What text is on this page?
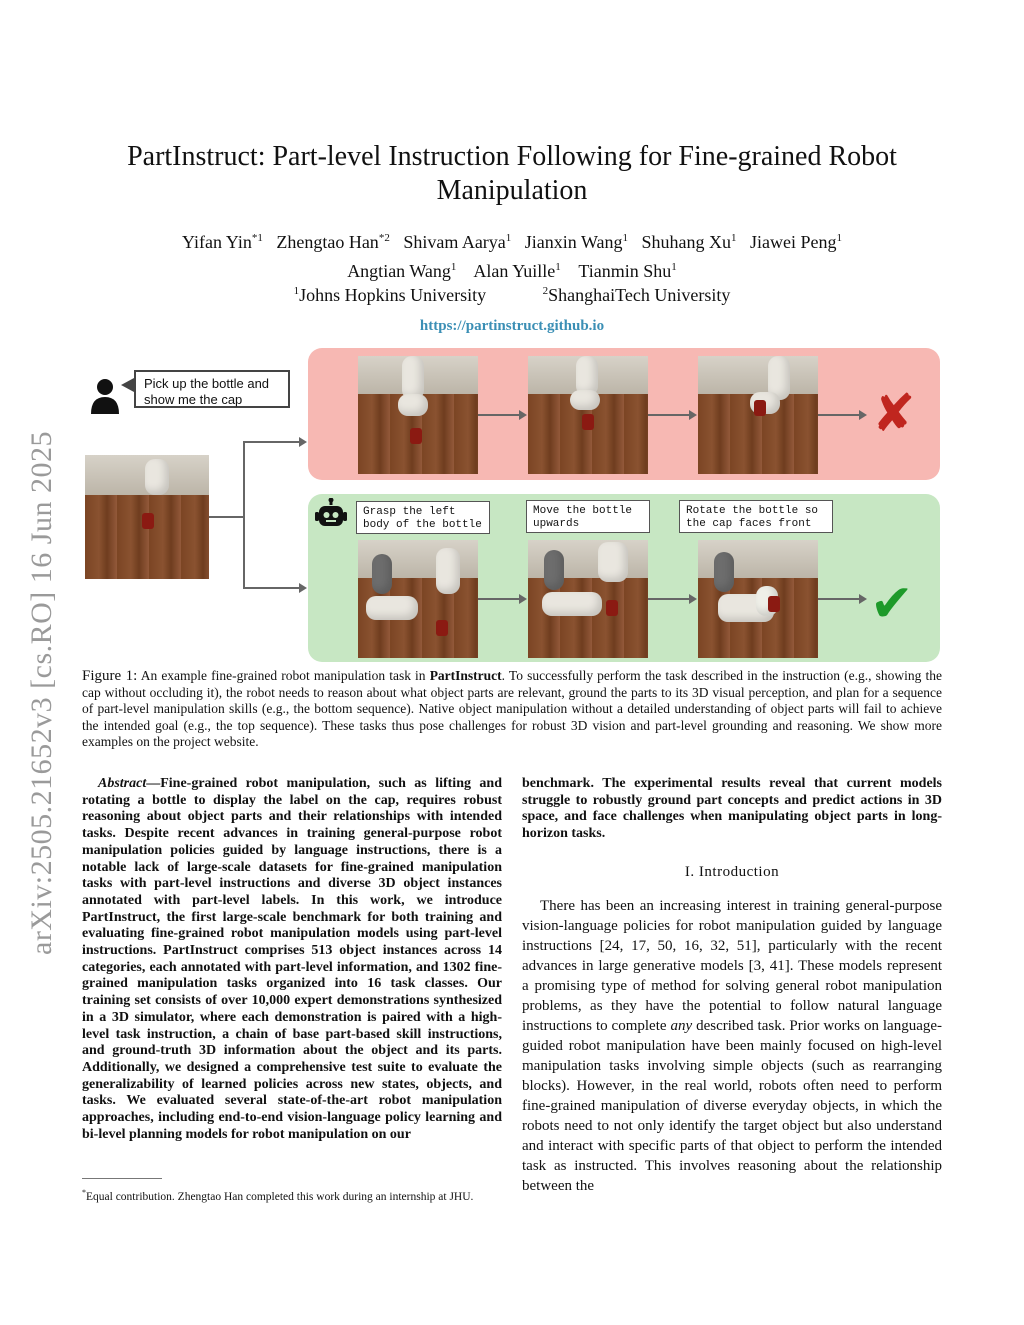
PartInstruct: Part-level Instruction Following for Fine-grained Robot Manipulation
Yifan Yin$^{*1}$ Zhengtao Han$^{*2}$ Shivam Aarya$^1$ Jianxin Wang$^1$ Shuhang Xu$^1$ Jiawei Peng$^1$
Angtian Wang$^1$ Alan Yuille$^1$ Tianmin Shu$^1$
$^1$Johns Hopkins University	$^2$ShanghaiTech University
https://partinstruct.github.io
arXiv:2505.21652v3 [cs.RO] 16 Jun 2025
Pick up the bottle and show me the cap	✘
Grasp the left body of the bottle
Move the bottle upwards
Rotate the bottle so the cap faces front
✔
Figure 1: An example fine-grained robot manipulation task in PartInstruct. To successfully perform the task described in the instruction (e.g., showing the cap without occluding it), the robot needs to reason about what object parts are relevant, ground the parts to its 3D visual perception, and plan for a sequence of part-level manipulation skills (e.g., the bottom sequence). Native object manipulation without a detailed understanding of object parts will fail to achieve the intended goal (e.g., the top sequence). These tasks thus pose challenges for robust 3D vision and part-level grounding and reasoning. We show more examples on the project website.
Abstract—Fine-grained robot manipulation, such as lifting and rotating a bottle to display the label on the cap, requires robust reasoning about object parts and their relationships with intended tasks. Despite recent advances in training general-purpose robot manipulation policies guided by language instructions, there is a notable lack of large-scale datasets for fine-grained manipulation tasks with part-level instructions and diverse 3D object instances annotated with part-level labels. In this work, we introduce PartInstruct, the first large-scale benchmark for both training and evaluating fine-grained robot manipulation models using part-level instructions. PartInstruct comprises 513 object instances across 14 categories, each annotated with part-level information, and 1302 fine-grained manipulation tasks organized into 16 task classes. Our training set consists of over 10,000 expert demonstrations synthesized in a 3D simulator, where each demonstration is paired with a high-level task instruction, a chain of base part-based skill instructions, and ground-truth 3D information about the object and its parts. Additionally, we designed a comprehensive test suite to evaluate the generalizability of learned policies across new states, objects, and tasks. We evaluated several state-of-the-art robot manipulation approaches, including end-to-end vision-language policy learning and bi-level planning models for robot manipulation on our
*Equal contribution. Zhengtao Han completed this work during an internship at JHU.
benchmark. The experimental results reveal that current models struggle to robustly ground part concepts and predict actions in 3D space, and face challenges when manipulating object parts in long-horizon tasks.
I. Introduction
There has been an increasing interest in training general-purpose vision-language policies for robot manipulation guided by language instructions [24, 17, 50, 16, 32, 51], particularly with the recent advances in large generative models [3, 41]. These models represent a promising type of method for solving general robot manipulation problems, as they have the potential to follow natural language instructions to complete any described task. Prior works on language-guided robot manipulation have been mainly focused on high-level manipulation tasks involving simple objects (such as rearranging blocks). However, in the real world, robots often need to perform fine-grained manipulation of diverse everyday objects, in which the robots need to not only identify the target object but also understand and interact with specific parts of that object to perform the intended task as instructed. This involves reasoning about the relationship between the
